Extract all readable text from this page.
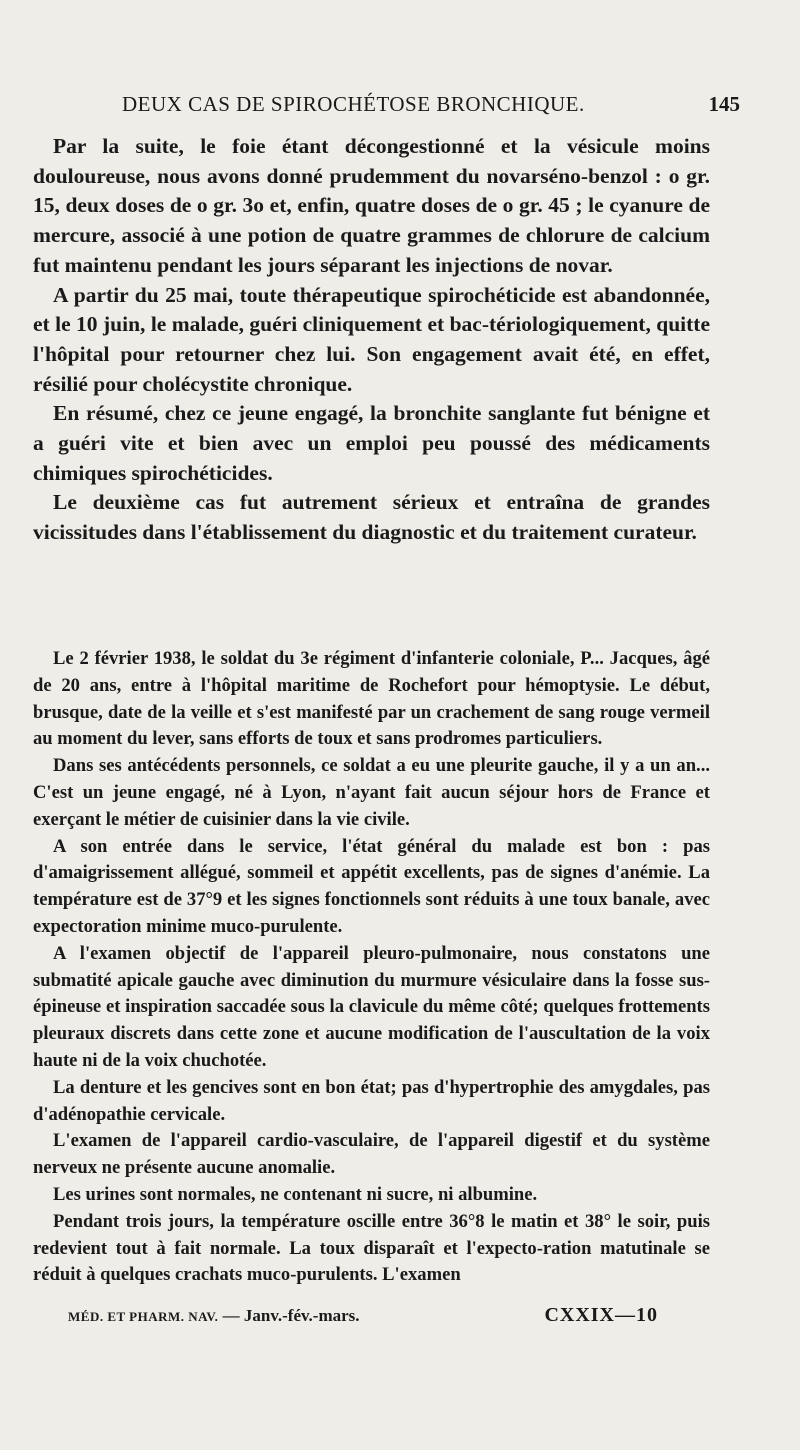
DEUX CAS DE SPIROCHÉTOSE BRONCHIQUE.	145

Par la suite, le foie étant décongestionné et la vésicule moins douloureuse, nous avons donné prudemment du novarséno-benzol : o gr. 15, deux doses de o gr. 3o et, enfin, quatre doses de o gr. 45 ; le cyanure de mercure, associé à une potion de quatre grammes de chlorure de calcium fut maintenu pendant les jours séparant les injections de novar.

A partir du 25 mai, toute thérapeutique spirochéticide est abandonnée, et le 10 juin, le malade, guéri cliniquement et bac-tériologiquement, quitte l'hôpital pour retourner chez lui. Son engagement avait été, en effet, résilié pour cholécystite chronique.

En résumé, chez ce jeune engagé, la bronchite sanglante fut bénigne et a guéri vite et bien avec un emploi peu poussé des médicaments chimiques spirochéticides.

Le deuxième cas fut autrement sérieux et entraîna de grandes vicissitudes dans l'établissement du diagnostic et du traitement curateur.

Le 2 février 1938, le soldat du 3e régiment d'infanterie coloniale, P... Jacques, âgé de 20 ans, entre à l'hôpital maritime de Rochefort pour hémoptysie. Le début, brusque, date de la veille et s'est manifesté par un crachement de sang rouge vermeil au moment du lever, sans efforts de toux et sans prodromes particuliers.

Dans ses antécédents personnels, ce soldat a eu une pleurite gauche, il y a un an... C'est un jeune engagé, né à Lyon, n'ayant fait aucun séjour hors de France et exerçant le métier de cuisinier dans la vie civile.

A son entrée dans le service, l'état général du malade est bon : pas d'amaigrissement allégué, sommeil et appétit excellents, pas de signes d'anémie. La température est de 37°9 et les signes fonctionnels sont réduits à une toux banale, avec expectoration minime muco-purulente.

A l'examen objectif de l'appareil pleuro-pulmonaire, nous constatons une submatité apicale gauche avec diminution du murmure vésiculaire dans la fosse sus-épineuse et inspiration saccadée sous la clavicule du même côté; quelques frottements pleuraux discrets dans cette zone et aucune modification de l'auscultation de la voix haute ni de la voix chuchotée.

La denture et les gencives sont en bon état; pas d'hypertrophie des amygdales, pas d'adénopathie cervicale.

L'examen de l'appareil cardio-vasculaire, de l'appareil digestif et du système nerveux ne présente aucune anomalie.

Les urines sont normales, ne contenant ni sucre, ni albumine.

Pendant trois jours, la température oscille entre 36°8 le matin et 38° le soir, puis redevient tout à fait normale. La toux disparaît et l'expecto-ration matutinale se réduit à quelques crachats muco-purulents. L'examen

MÉD. ET PHARM. NAV. — Janv.-fév.-mars.	CXXIX—10
